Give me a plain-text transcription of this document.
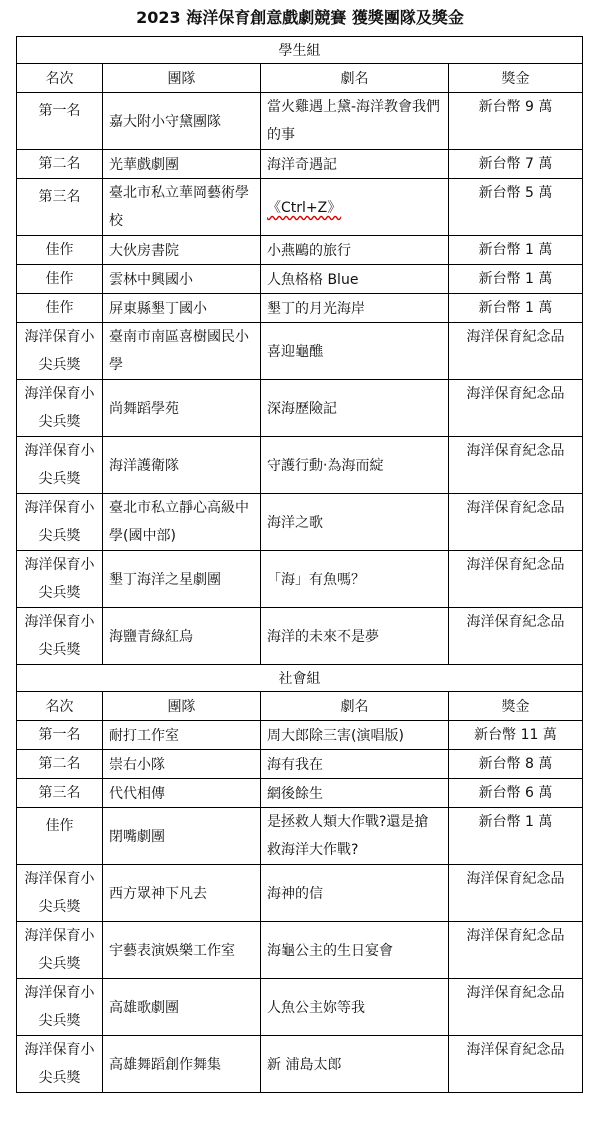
2023 海洋保育創意戲劇競賽 獲獎團隊及獎金
學生組			
名次	團隊	劇名	獎金
第一名	嘉大附小守黛團隊	當火雞遇上黛-海洋教會我們的事	新台幣 9 萬
第二名	光華戲劇團	海洋奇遇記	新台幣 7 萬
第三名	臺北市私立華岡藝術學校	《Ctrl+Z》	新台幣 5 萬
佳作	大伙房書院	小燕鷗的旅行	新台幣 1 萬
佳作	雲林中興國小	人魚格格 Blue	新台幣 1 萬
佳作	屏東縣墾丁國小	墾丁的月光海岸	新台幣 1 萬
海洋保育小尖兵獎	臺南市南區喜樹國民小學	喜迎龜醮	海洋保育紀念品
海洋保育小尖兵獎	尚舞蹈學苑	深海歷險記	海洋保育紀念品
海洋保育小尖兵獎	海洋護衛隊	守護行動‧為海而綻	海洋保育紀念品
海洋保育小尖兵獎	臺北市私立靜心高級中學(國中部)	海洋之歌	海洋保育紀念品
海洋保育小尖兵獎	墾丁海洋之星劇團	「海」有魚嗎？	海洋保育紀念品
海洋保育小尖兵獎	海鹽青綠紅烏	海洋的未來不是夢	海洋保育紀念品
社會組			
名次	團隊	劇名	獎金
第一名	耐打工作室	周大郎除三害(演唱版)	新台幣 11 萬
第二名	崇右小隊	海有我在	新台幣 8 萬
第三名	代代相傳	網後餘生	新台幣 6 萬
佳作	閉嘴劇團	是拯救人類大作戰?還是搶救海洋大作戰?	新台幣 1 萬
海洋保育小尖兵獎	西方眾神下凡去	海神的信	海洋保育紀念品
海洋保育小尖兵獎	宇藝表演娛樂工作室	海龜公主的生日宴會	海洋保育紀念品
海洋保育小尖兵獎	高雄歌劇團	人魚公主妳等我	海洋保育紀念品
海洋保育小尖兵獎	高雄舞蹈創作舞集	新 浦島太郎	海洋保育紀念品
